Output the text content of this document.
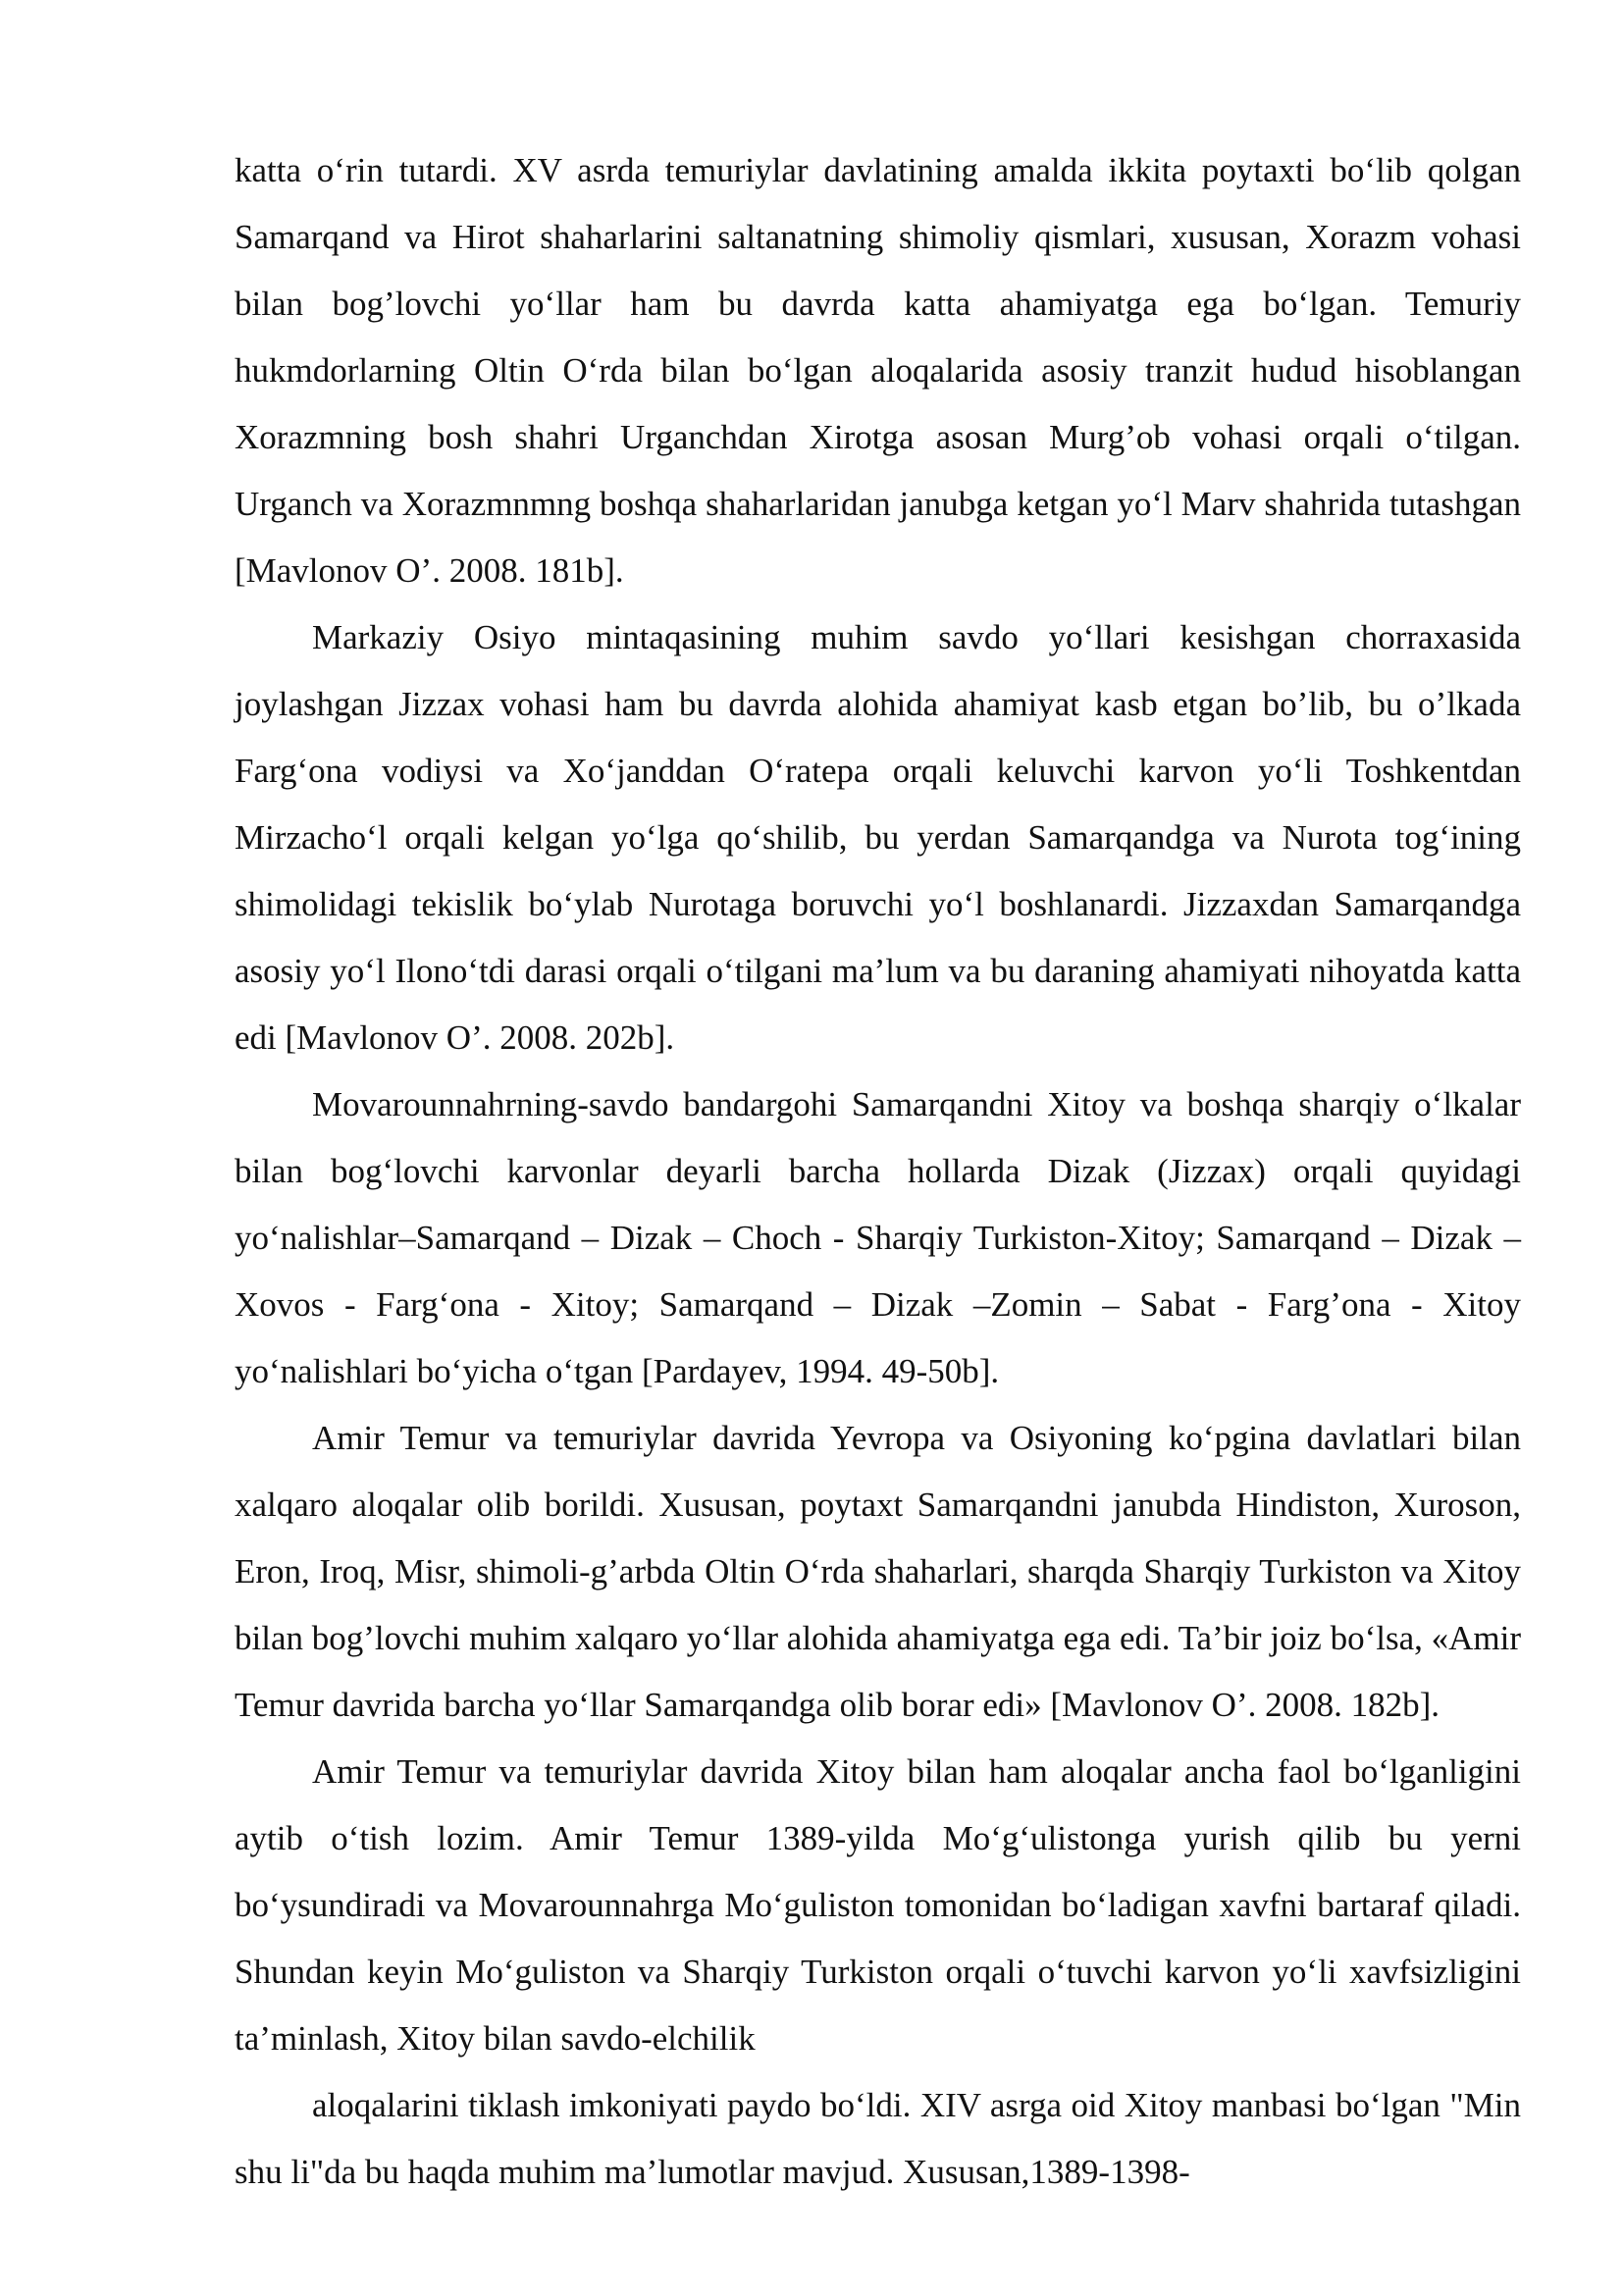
katta o‘rin tutardi. XV asrda temuriylar davlatining amalda ikkita poytaxti bo‘lib qolgan Samarqand va Hirot shaharlarini saltanatning shimoliy qismlari, xususan, Xorazm vohasi bilan bog’lovchi yo‘llar ham bu davrda katta ahamiyatga ega bo‘lgan. Temuriy hukmdorlarning Oltin O‘rda bilan bo‘lgan aloqalarida asosiy tranzit hudud hisoblangan Xorazmning bosh shahri Urganchdan Xirotga asosan Murg’ob vohasi orqali o‘tilgan. Urganch va Xorazmnmng boshqa shaharlaridan janubga ketgan yo‘l Marv shahrida tutashgan [Mavlonov O’. 2008. 181b].

Markaziy Osiyo mintaqasining muhim savdo yo‘llari kesishgan chorraxasida joylashgan Jizzax vohasi ham bu davrda alohida ahamiyat kasb etgan bo’lib, bu o’lkada Farg‘ona vodiysi va Xo‘janddan O‘ratepa orqali keluvchi karvon yo‘li Toshkentdan Mirzacho‘l orqali kelgan yo‘lga qo‘shilib, bu yerdan Samarqandga va Nurota tog‘ining shimolidagi tekislik bo‘ylab Nurotaga boruvchi yo‘l boshlanardi. Jizzaxdan Samarqandga asosiy yo‘l Ilono‘tdi darasi orqali o‘tilgani ma’lum va bu daraning ahamiyati nihoyatda katta edi [Mavlonov O’. 2008. 202b].

Movarounnahrning-savdo bandargohi Samarqandni Xitoy va boshqa sharqiy o‘lkalar bilan bog‘lovchi karvonlar deyarli barcha hollarda Dizak (Jizzax) orqali quyidagi yo‘nalishlar–Samarqand – Dizak – Choch - Sharqiy Turkiston-Xitoy; Samarqand – Dizak – Xovos - Farg‘ona - Xitoy; Samarqand – Dizak –Zomin – Sabat - Farg’ona - Xitoy yo‘nalishlari bo‘yicha o‘tgan [Pardayev, 1994. 49-50b].

Amir Temur va temuriylar davrida Yevropa va Osiyoning ko‘pgina davlatlari bilan xalqaro aloqalar olib borildi. Xususan, poytaxt Samarqandni janubda Hindiston, Xuroson, Eron, Iroq, Misr, shimoli-g’arbda Oltin O‘rda shaharlari, sharqda Sharqiy Turkiston va Xitoy bilan bog’lovchi muhim xalqaro yo‘llar alohida ahamiyatga ega edi. Ta’bir joiz bo‘lsa, «Amir Temur davrida barcha yo‘llar Samarqandga olib borar edi» [Mavlonov O’. 2008. 182b].

Amir Temur va temuriylar davrida Xitoy bilan ham aloqalar ancha faol bo‘lganligini aytib o‘tish lozim. Amir Temur 1389-yilda Mo‘g‘ulistonga yurish qilib bu yerni bo‘ysundiradi va Movarounnahrga Mo‘guliston tomonidan bo‘ladigan xavfni bartaraf qiladi. Shundan keyin Mo‘guliston va Sharqiy Turkiston orqali o‘tuvchi karvon yo‘li xavfsizligini ta’minlash, Xitoy bilan savdo-elchilik

aloqalarini tiklash imkoniyati paydo bo‘ldi. XIV asrga oid Xitoy manbasi bo‘lgan "Min shu li"da bu haqda muhim ma’lumotlar mavjud. Xususan,1389-1398-
